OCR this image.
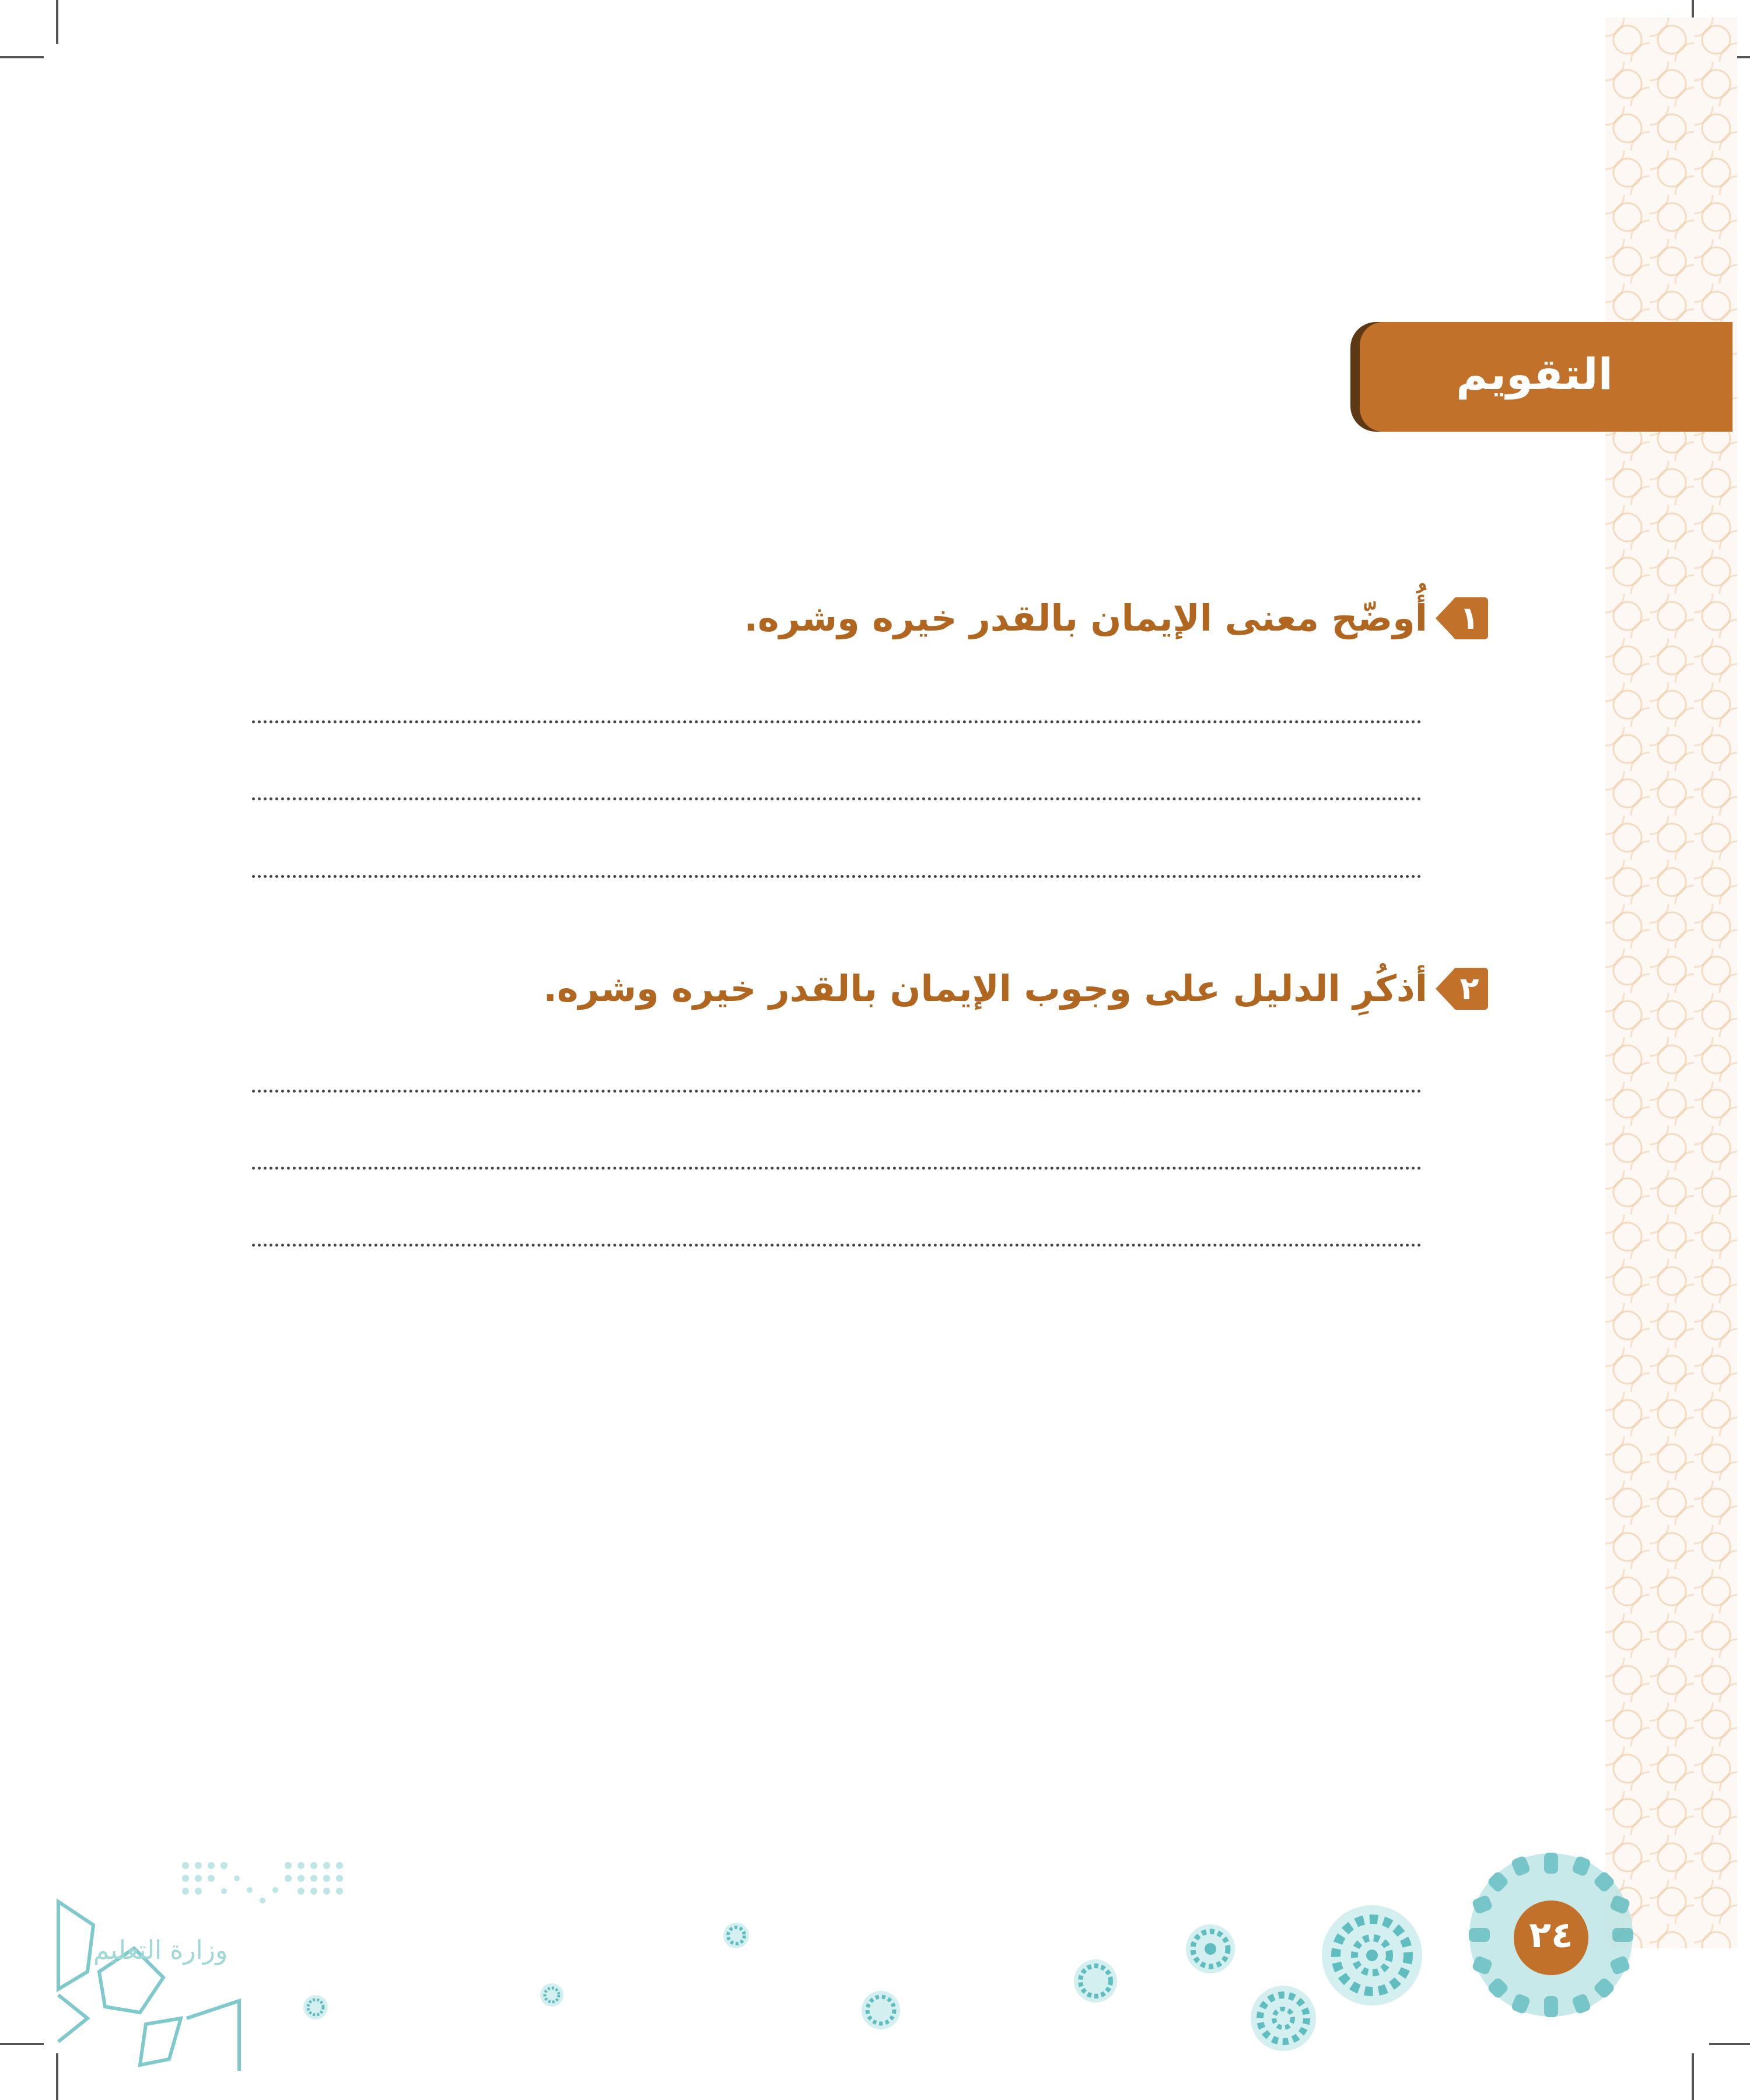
التقويم
١
أُوضّح معنى الإيمان بالقدر خيره وشره.
٢
أذكُرِ الدليل على وجوب الإيمان بالقدر خيره وشره.
٢٤
وزارة التعليم
